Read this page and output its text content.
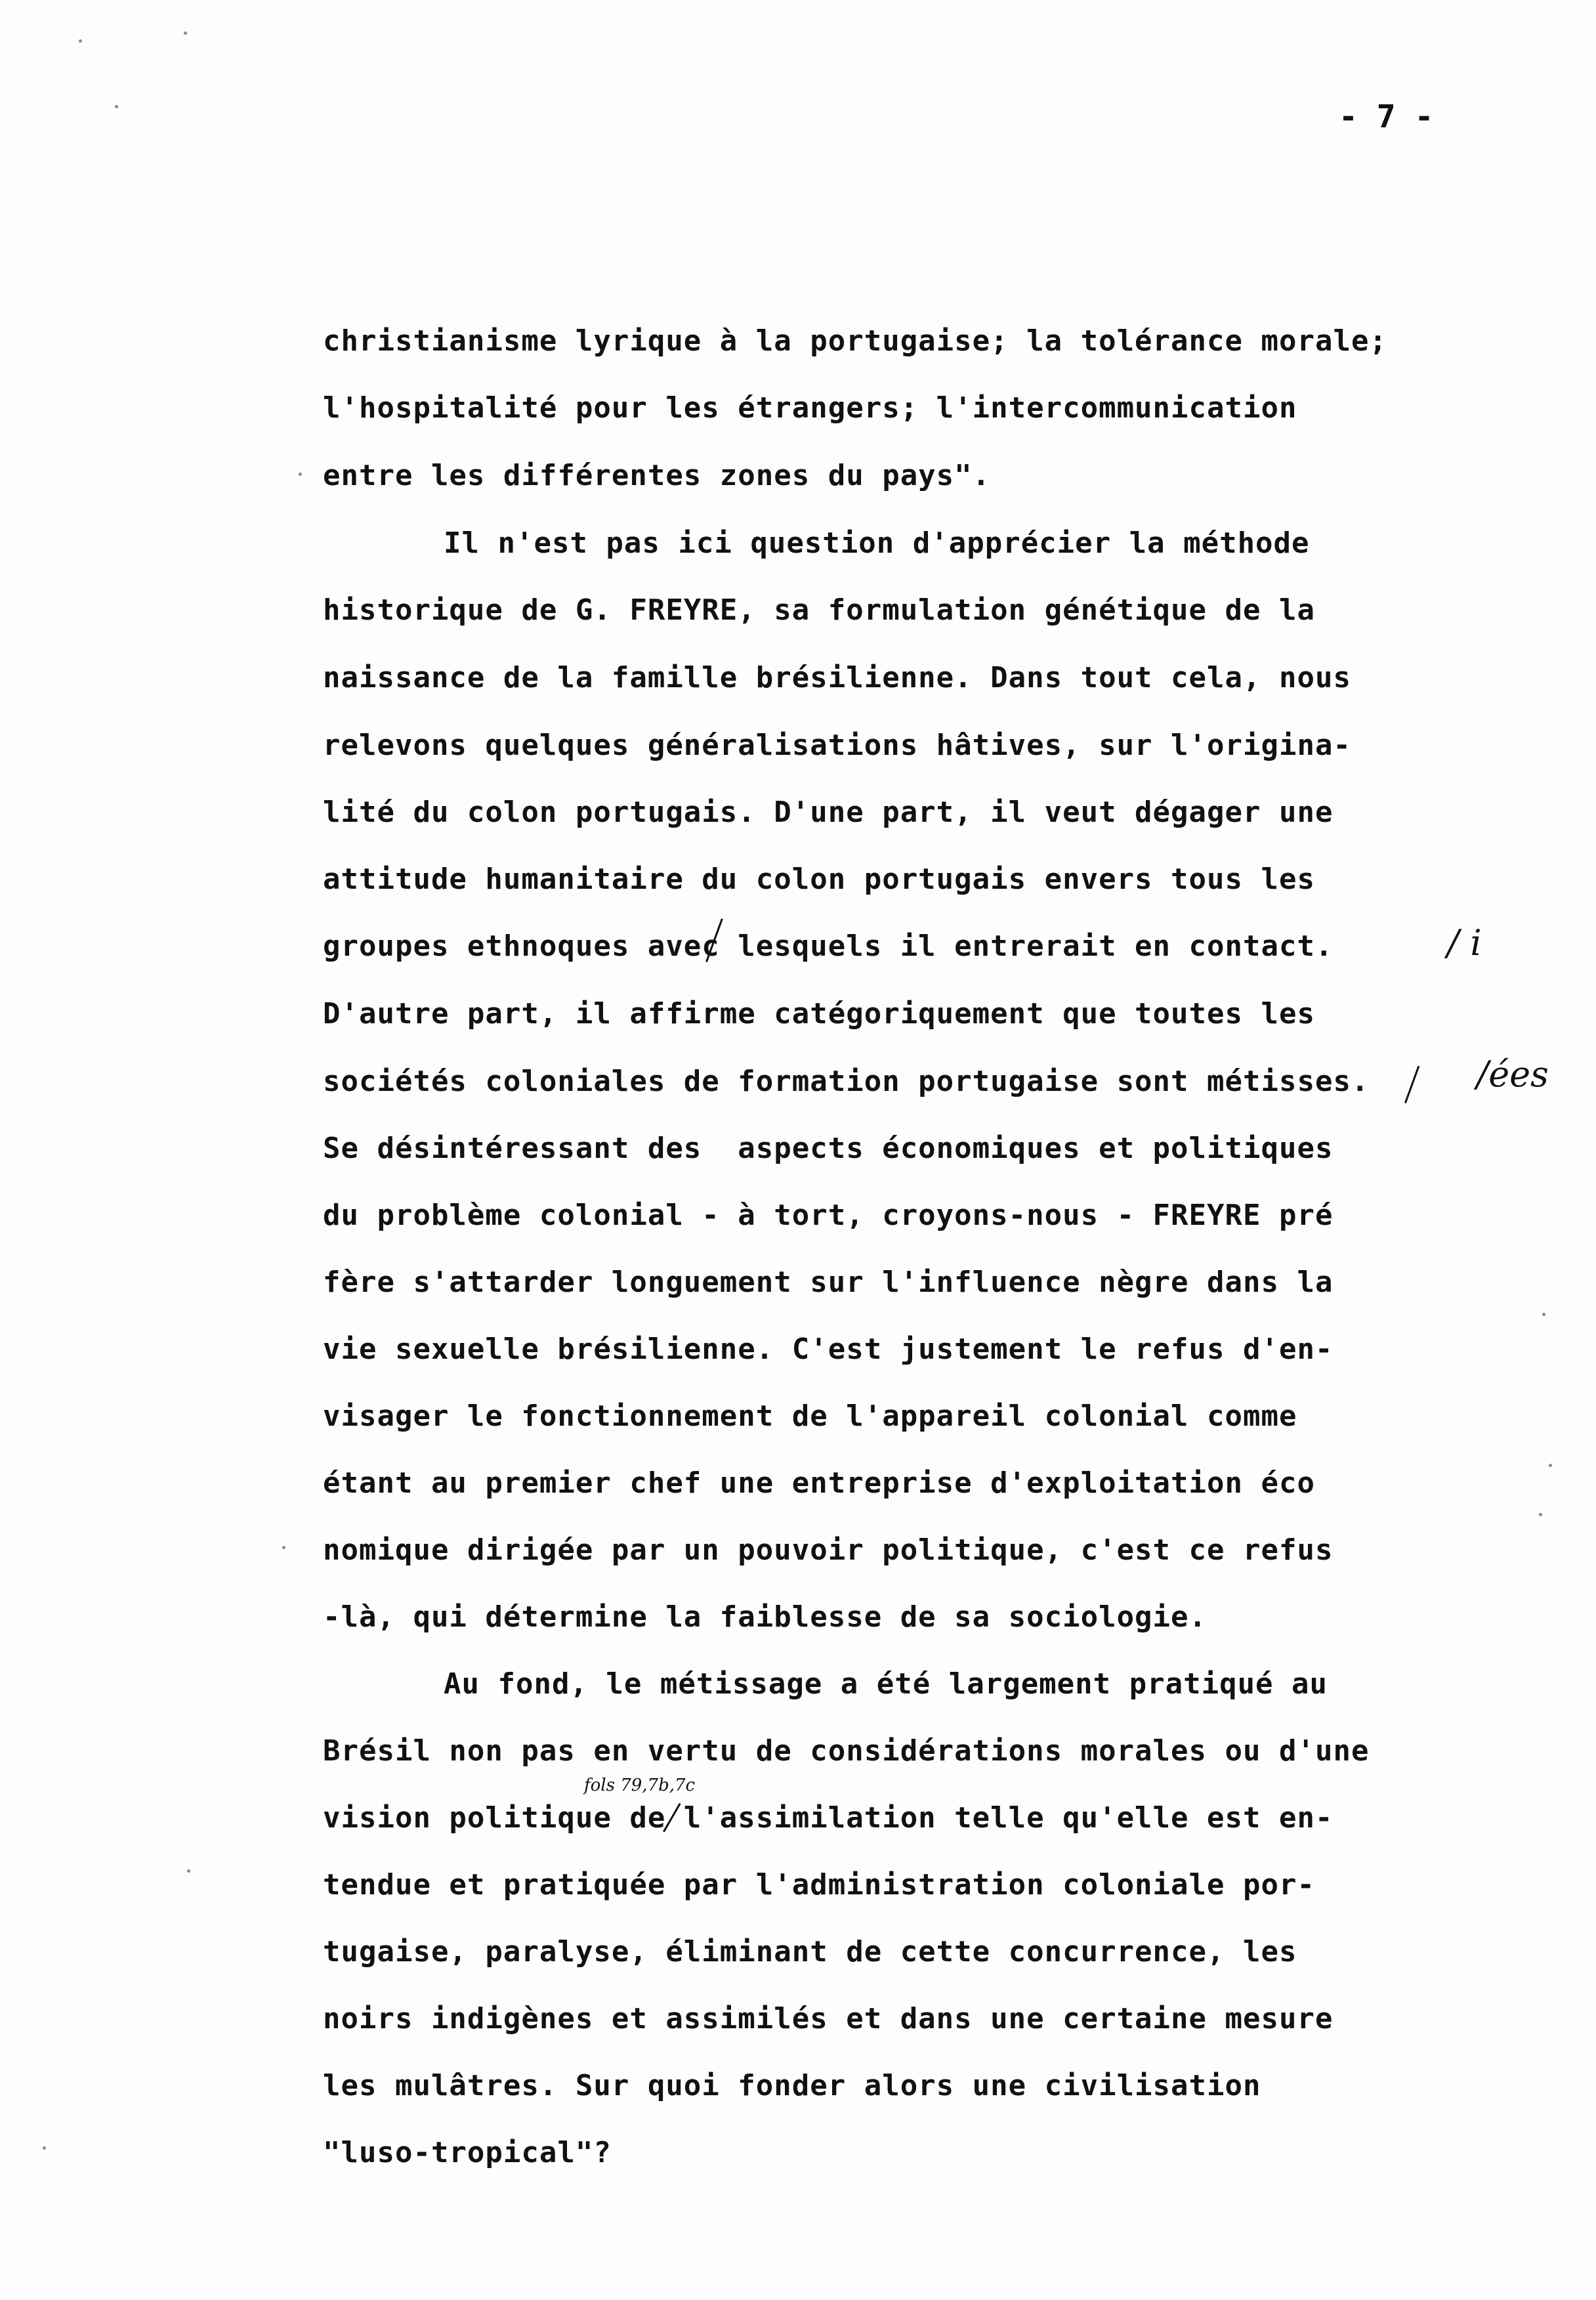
- 7 -
christianisme lyrique à la portugaise; la tolérance morale;
l'hospitalité pour les étrangers; l'intercommunication
entre les différentes zones du pays".
Il n'est pas ici question d'apprécier la méthode
historique de G. FREYRE, sa formulation génétique de la
naissance de la famille brésilienne. Dans tout cela, nous
relevons quelques généralisations hâtives, sur l'origina-
lité du colon portugais. D'une part, il veut dégager une
attitude humanitaire du colon portugais envers tous les
groupes ethnoques avec lesquels il entrerait en contact.
D'autre part, il affirme catégoriquement que toutes les
sociétés coloniales de formation portugaise sont métisses.
Se désintéressant des  aspects économiques et politiques
du problème colonial - à tort, croyons-nous - FREYRE pré
fère s'attarder longuement sur l'influence nègre dans la
vie sexuelle brésilienne. C'est justement le refus d'en-
visager le fonctionnement de l'appareil colonial comme
étant au premier chef une entreprise d'exploitation éco
nomique dirigée par un pouvoir politique, c'est ce refus
-là, qui détermine la faiblesse de sa sociologie.
Au fond, le métissage a été largement pratiqué au
Brésil non pas en vertu de considérations morales ou d'une
vision politique de l'assimilation telle qu'elle est en-
tendue et pratiquée par l'administration coloniale por-
tugaise, paralyse, éliminant de cette concurrence, les
noirs indigènes et assimilés et dans une certaine mesure
les mulâtres. Sur quoi fonder alors une civilisation
"luso-tropical"?
/ i
/ées
fols 79,7b,7c
